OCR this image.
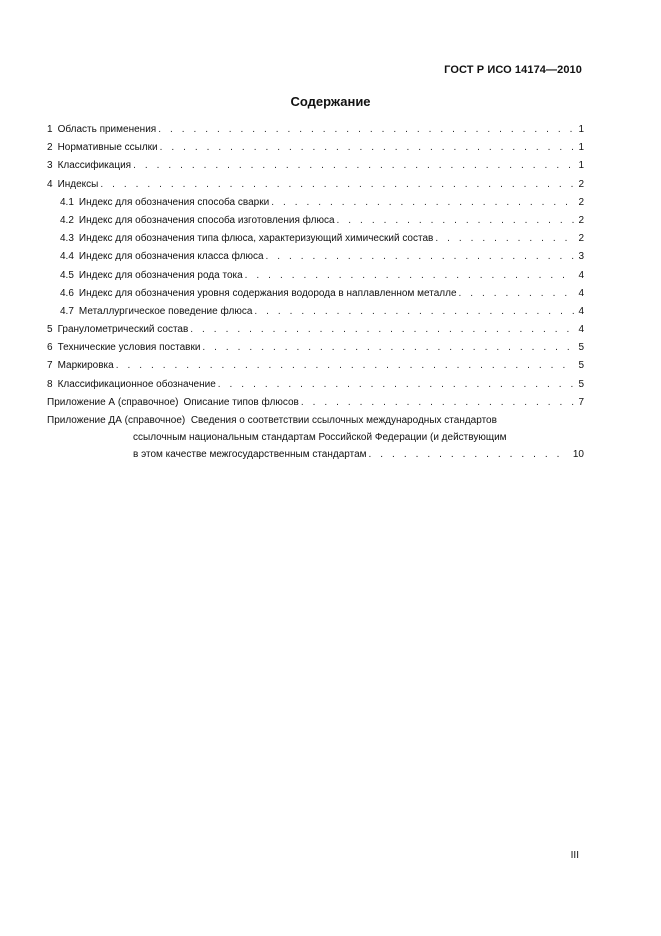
ГОСТ Р ИСО 14174—2010
Содержание
1 Область применения . . .	1
2 Нормативные ссылки . . .	1
3 Классификация . . .	1
4 Индексы . . .	2
4.1 Индекс для обозначения способа сварки . . .	2
4.2 Индекс для обозначения способа изготовления флюса . . .	2
4.3 Индекс для обозначения типа флюса, характеризующий химический состав . . .	2
4.4 Индекс для обозначения класса флюса . . .	3
4.5 Индекс для обозначения рода тока . . .	4
4.6 Индекс для обозначения уровня содержания водорода в наплавленном металле . . .	4
4.7 Металлургическое поведение флюса . . .	4
5 Гранулометрический состав . . .	4
6 Технические условия поставки . . .	5
7 Маркировка . . .	5
8 Классификационное обозначение . . .	5
Приложение А (справочное) Описание типов флюсов . . .	7
Приложение ДА (справочное) Сведения о соответствии ссылочных международных стандартов
ссылочным национальным стандартам Российской Федерации (и действующим
в этом качестве межгосударственным стандартам . . .	10
III
